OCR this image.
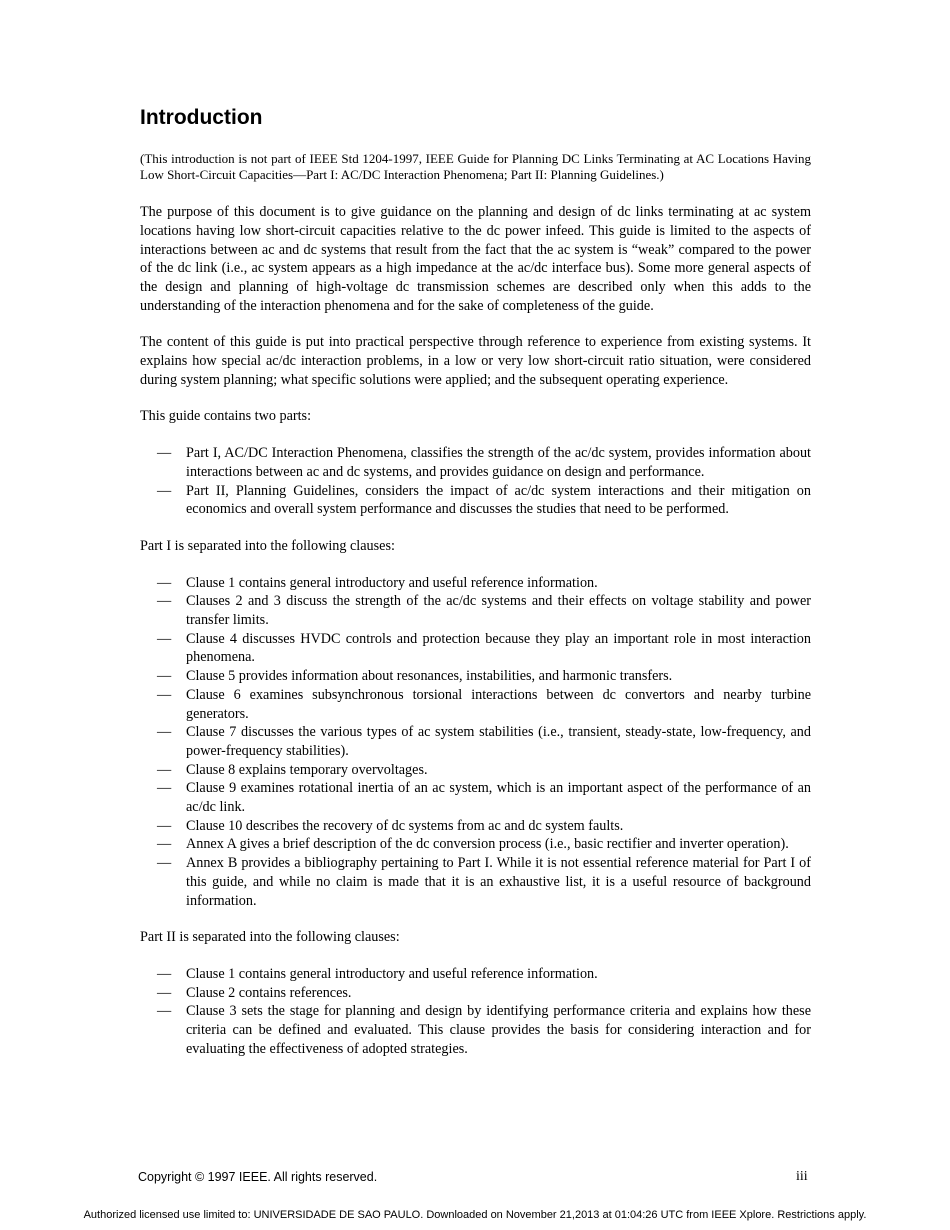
Introduction

(This introduction is not part of IEEE Std 1204-1997, IEEE Guide for Planning DC Links Terminating at AC Locations Having Low Short-Circuit Capacities—Part I: AC/DC Interaction Phenomena; Part II: Planning Guidelines.)

The purpose of this document is to give guidance on the planning and design of dc links terminating at ac system locations having low short-circuit capacities relative to the dc power infeed. This guide is limited to the aspects of interactions between ac and dc systems that result from the fact that the ac system is “weak” compared to the power of the dc link (i.e., ac system appears as a high impedance at the ac/dc interface bus). Some more general aspects of the design and planning of high-voltage dc transmission schemes are described only when this adds to the understanding of the interaction phenomena and for the sake of completeness of the guide.

The content of this guide is put into practical perspective through reference to experience from existing systems. It explains how special ac/dc interaction problems, in a low or very low short-circuit ratio situation, were considered during system planning; what specific solutions were applied; and the subsequent operating experience.

This guide contains two parts:

— Part I, AC/DC Interaction Phenomena, classifies the strength of the ac/dc system, provides information about interactions between ac and dc systems, and provides guidance on design and performance.
— Part II, Planning Guidelines, considers the impact of ac/dc system interactions and their mitigation on economics and overall system performance and discusses the studies that need to be performed.

Part I is separated into the following clauses:

— Clause 1 contains general introductory and useful reference information.
— Clauses 2 and 3 discuss the strength of the ac/dc systems and their effects on voltage stability and power transfer limits.
— Clause 4 discusses HVDC controls and protection because they play an important role in most interaction phenomena.
— Clause 5 provides information about resonances, instabilities, and harmonic transfers.
— Clause 6 examines subsynchronous torsional interactions between dc convertors and nearby turbine generators.
— Clause 7 discusses the various types of ac system stabilities (i.e., transient, steady-state, low-frequency, and power-frequency stabilities).
— Clause 8 explains temporary overvoltages.
— Clause 9 examines rotational inertia of an ac system, which is an important aspect of the performance of an ac/dc link.
— Clause 10 describes the recovery of dc systems from ac and dc system faults.
— Annex A gives a brief description of the dc conversion process (i.e., basic rectifier and inverter operation).
— Annex B provides a bibliography pertaining to Part I. While it is not essential reference material for Part I of this guide, and while no claim is made that it is an exhaustive list, it is a useful resource of background information.

Part II is separated into the following clauses:

— Clause 1 contains general introductory and useful reference information.
— Clause 2 contains references.
— Clause 3 sets the stage for planning and design by identifying performance criteria and explains how these criteria can be defined and evaluated. This clause provides the basis for considering interaction and for evaluating the effectiveness of adopted strategies.
Copyright © 1997 IEEE. All rights reserved.	iii
Authorized licensed use limited to: UNIVERSIDADE DE SAO PAULO. Downloaded on November 21,2013 at 01:04:26 UTC from IEEE Xplore. Restrictions apply.
